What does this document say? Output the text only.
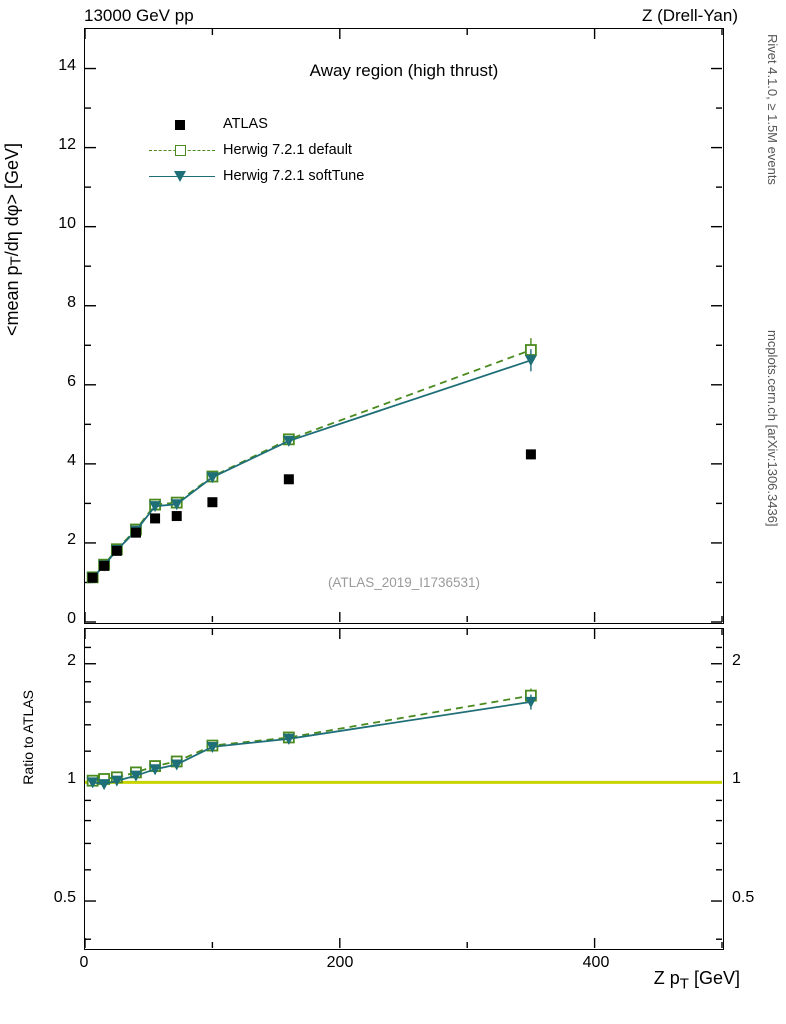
13000 GeV pp	Z (Drell-Yan)
Rivet 4.1.0, ≥ 1.5M events
mcplots.cern.ch [arXiv:1306.3436]
<mean $p_T/d\eta$ dφ> [GeV]
Away region (high thrust)
ATLAS
Herwig 7.2.1 default
Herwig 7.2.1 softTune
(ATLAS_2019_I1736531)
Ratio to ATLAS
Z $p_T$ [GeV]
0
2
4
6
8
10
12
14
0.5	0.5
1	1
2	2
0	200	400
